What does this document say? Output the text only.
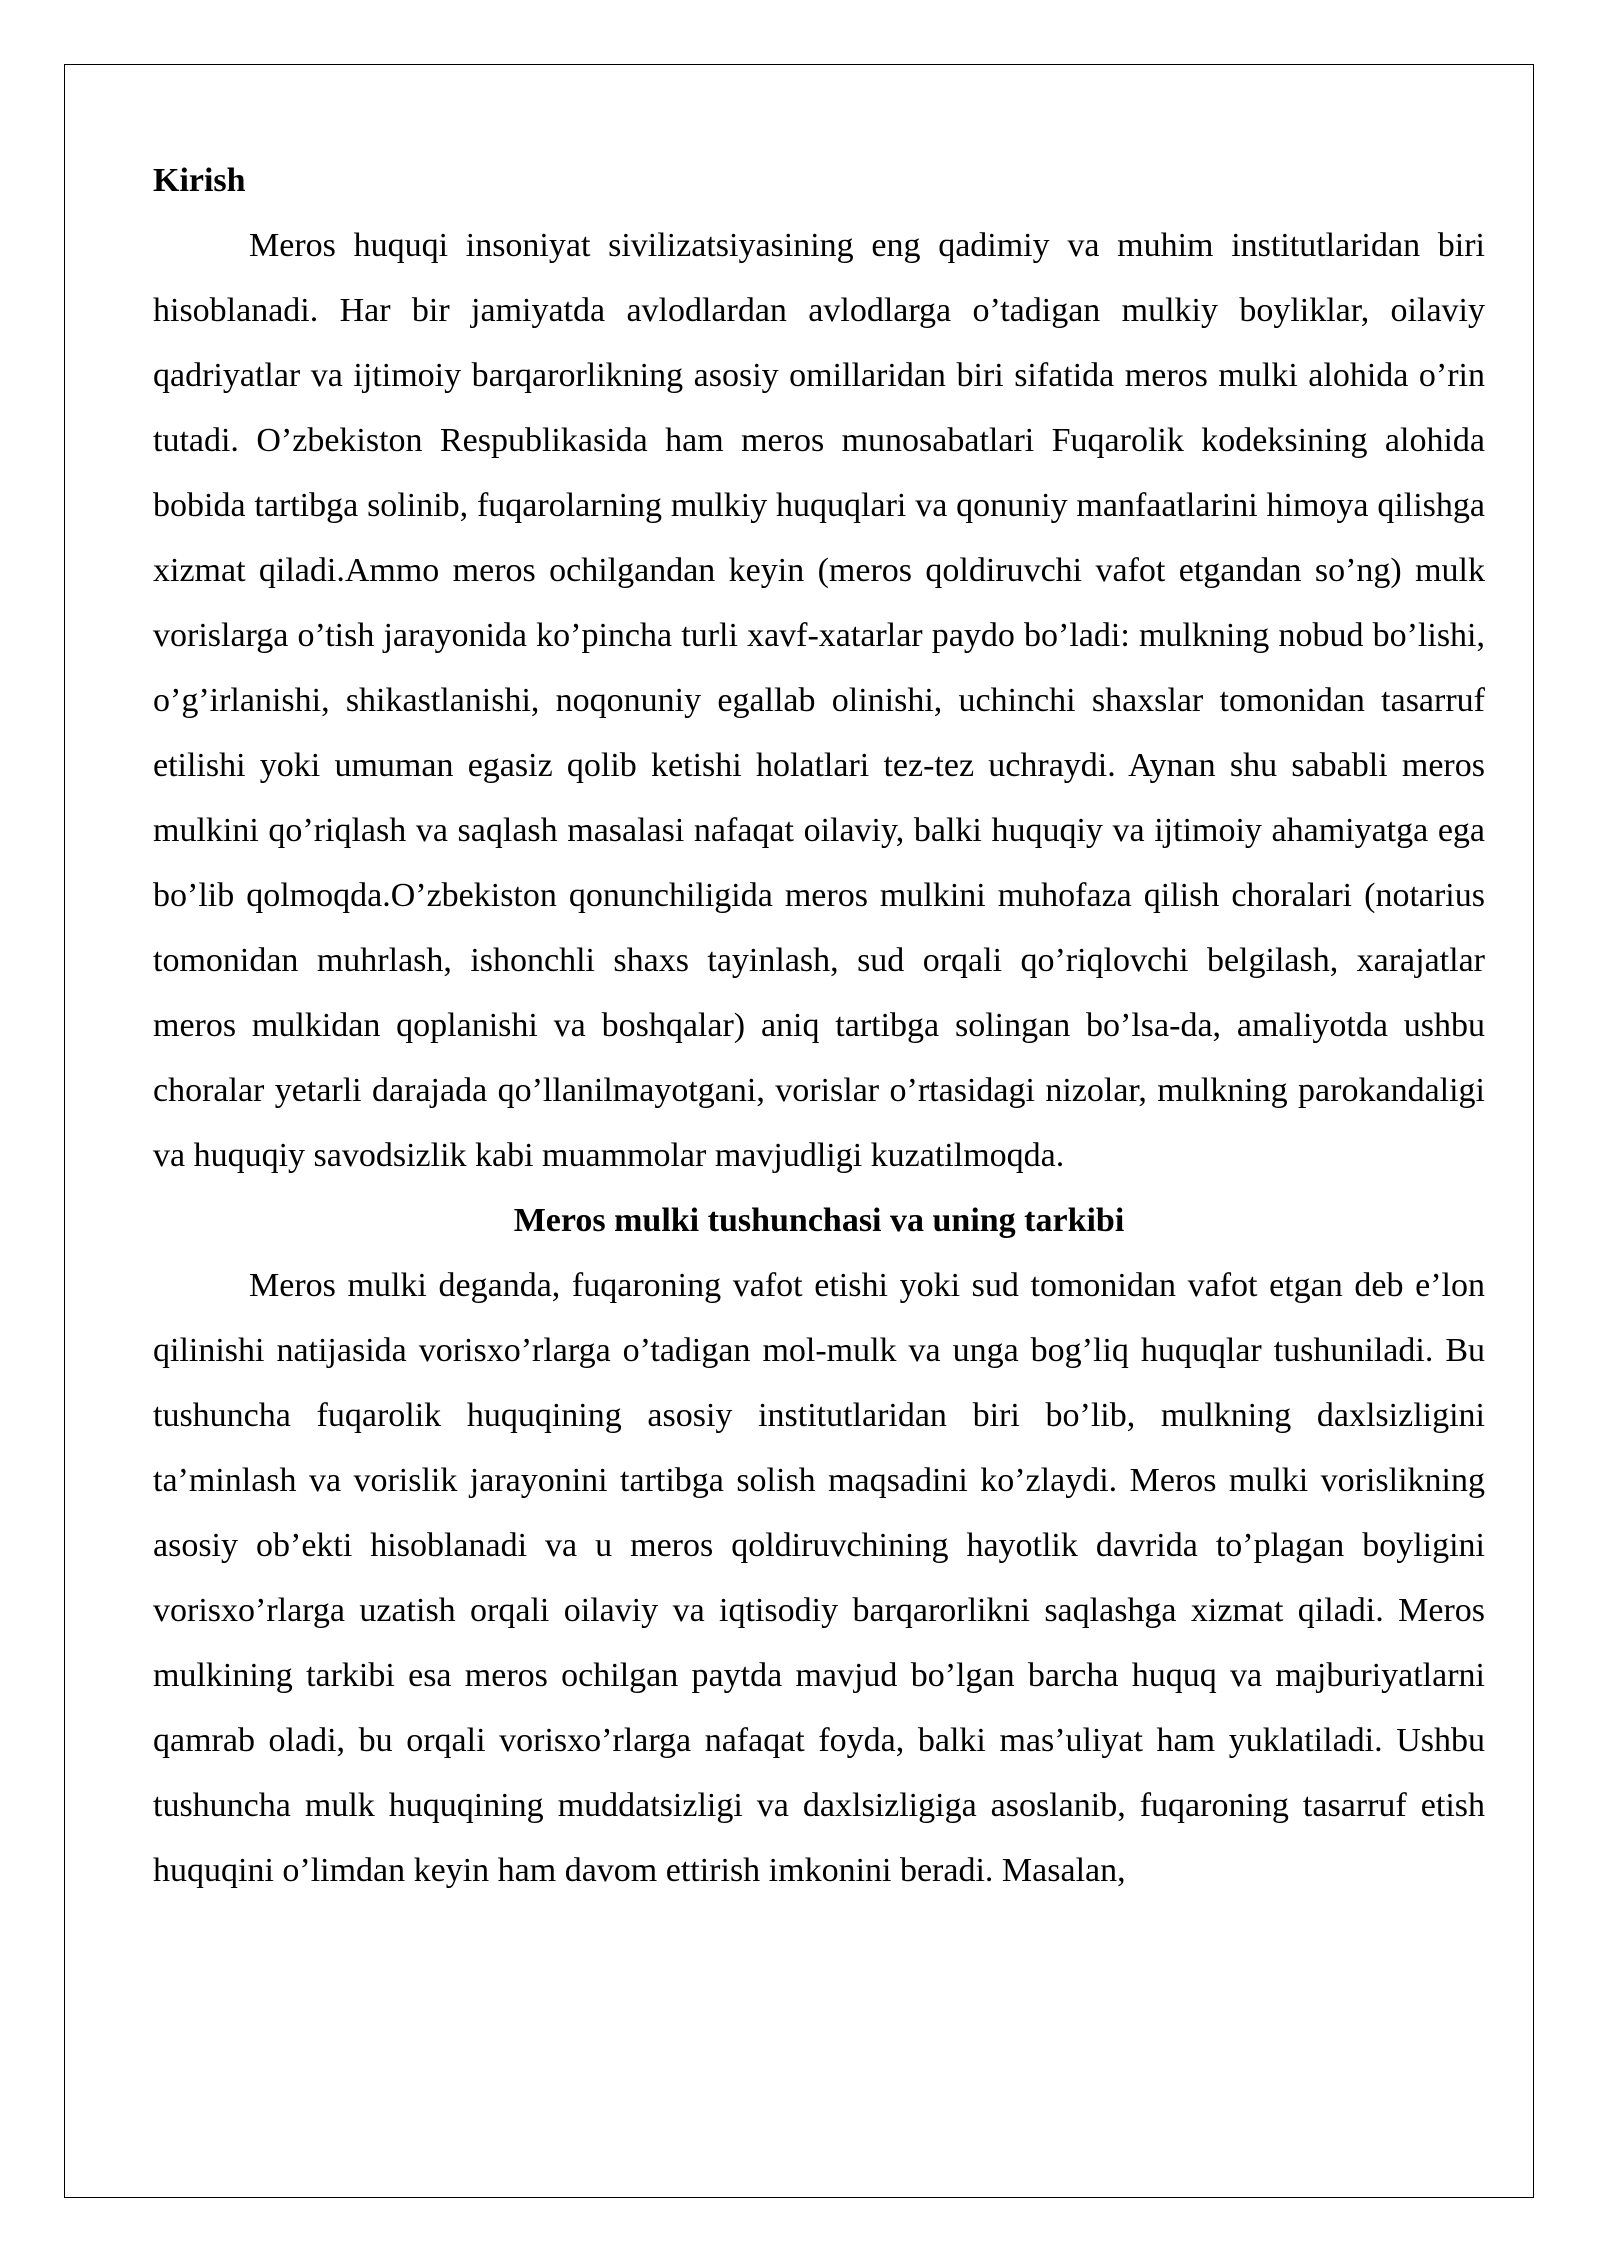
Kirish

Meros huquqi insoniyat sivilizatsiyasining eng qadimiy va muhim institutlaridan biri hisoblanadi. Har bir jamiyatda avlodlardan avlodlarga o’tadigan mulkiy boyliklar, oilaviy qadriyatlar va ijtimoiy barqarorlikning asosiy omillaridan biri sifatida meros mulki alohida o’rin tutadi. O’zbekiston Respublikasida ham meros munosabatlari Fuqarolik kodeksining alohida bobida tartibga solinib, fuqarolarning mulkiy huquqlari va qonuniy manfaatlarini himoya qilishga xizmat qiladi.Ammo meros ochilgandan keyin (meros qoldiruvchi vafot etgandan so’ng) mulk vorislarga o’tish jarayonida ko’pincha turli xavf-xatarlar paydo bo’ladi: mulkning nobud bo’lishi, o’g’irlanishi, shikastlanishi, noqonuniy egallab olinishi, uchinchi shaxslar tomonidan tasarruf etilishi yoki umuman egasiz qolib ketishi holatlari tez-tez uchraydi. Aynan shu sababli meros mulkini qo’riqlash va saqlash masalasi nafaqat oilaviy, balki huquqiy va ijtimoiy ahamiyatga ega bo’lib qolmoqda.O’zbekiston qonunchiligida meros mulkini muhofaza qilish choralari (notarius tomonidan muhrlash, ishonchli shaxs tayinlash, sud orqali qo’riqlovchi belgilash, xarajatlar meros mulkidan qoplanishi va boshqalar) aniq tartibga solingan bo’lsa-da, amaliyotda ushbu choralar yetarli darajada qo’llanilmayotgani, vorislar o’rtasidagi nizolar, mulkning parokandaligi va huquqiy savodsizlik kabi muammolar mavjudligi kuzatilmoqda.

Meros mulki tushunchasi va uning tarkibi

Meros mulki deganda, fuqaroning vafot etishi yoki sud tomonidan vafot etgan deb e’lon qilinishi natijasida vorisxo’rlarga o’tadigan mol-mulk va unga bog’liq huquqlar tushuniladi. Bu tushuncha fuqarolik huquqining asosiy institutlaridan biri bo’lib, mulkning daxlsizligini ta’minlash va vorislik jarayonini tartibga solish maqsadini ko’zlaydi. Meros mulki vorislikning asosiy ob’ekti hisoblanadi va u meros qoldiruvchining hayotlik davrida to’plagan boyligini vorisxo’rlarga uzatish orqali oilaviy va iqtisodiy barqarorlikni saqlashga xizmat qiladi. Meros mulkining tarkibi esa meros ochilgan paytda mavjud bo’lgan barcha huquq va majburiyatlarni qamrab oladi, bu orqali vorisxo’rlarga nafaqat foyda, balki mas’uliyat ham yuklatiladi. Ushbu tushuncha mulk huquqining muddatsizligi va daxlsizligiga asoslanib, fuqaroning tasarruf etish huquqini o’limdan keyin ham davom ettirish imkonini beradi. Masalan,
